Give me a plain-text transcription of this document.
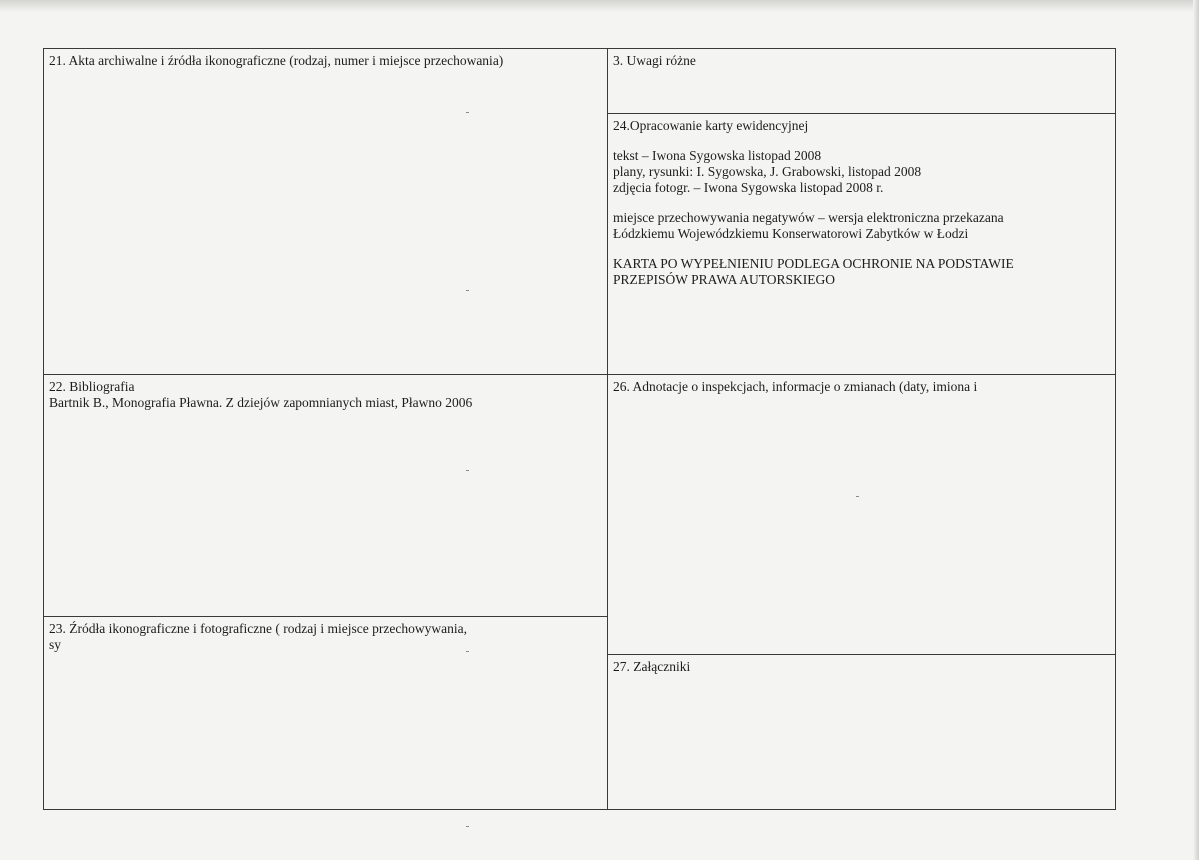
21. Akta archiwalne i źródła ikonograficzne (rodzaj, numer i miejsce przechowania)
22. Bibliografia
Bartnik B., Monografia Pławna. Z dziejów zapomnianych miast, Pławno 2006
23. Źródła ikonograficzne i fotograficzne ( rodzaj i miejsce przechowywania,
sy
3. Uwagi różne
24.Opracowanie karty ewidencyjnej

tekst – Iwona Sygowska listopad 2008

plany, rysunki: I. Sygowska, J. Grabowski, listopad 2008

zdjęcia fotogr. – Iwona Sygowska listopad 2008 r.

miejsce przechowywania negatywów – wersja elektroniczna przekazana

Łódzkiemu Wojewódzkiemu Konserwatorowi Zabytków w Łodzi

KARTA PO WYPEŁNIENIU PODLEGA OCHRONIE NA PODSTAWIE

PRZEPISÓW PRAWA AUTORSKIEGO

26. Adnotacje o inspekcjach, informacje o zmianach (daty, imiona i
27. Załączniki
